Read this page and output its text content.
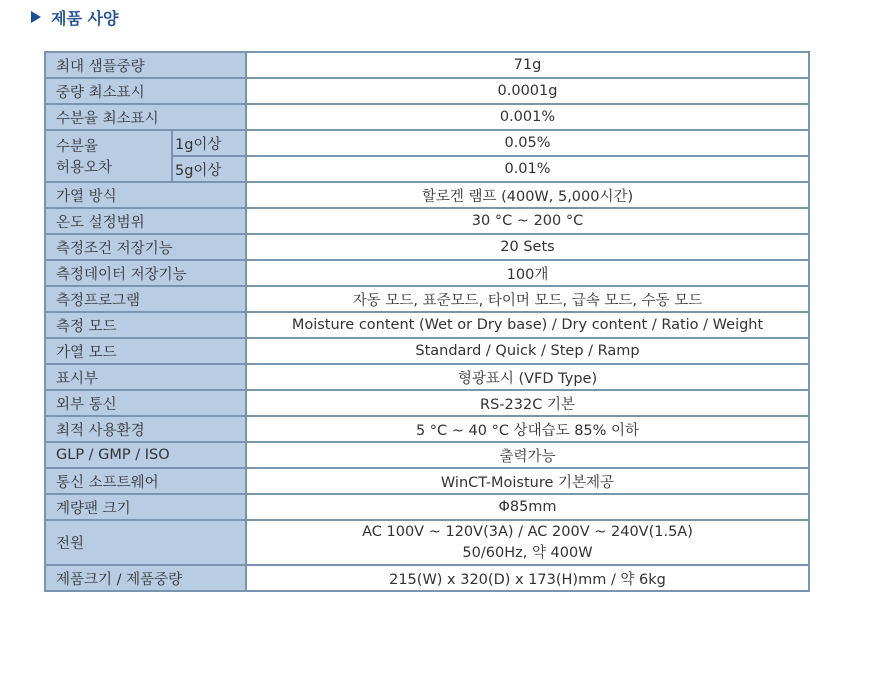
제품 사양
최대 샘플중량		71g
중량 최소표시		0.0001g
수분율 최소표시		0.001%

수분율
허용오차	1g이상	0.05%
	5g이상	0.01%
가열 방식		할로겐 램프 (400W, 5,000시간)
온도 설정범위		30 °C ~ 200 °C
측정조건 저장기능		20 Sets
측정데이터 저장기능		100개
측정프로그램		자동 모드, 표준모드, 타이머 모드, 급속 모드, 수동 모드
측정 모드		Moisture content (Wet or Dry base) / Dry content / Ratio / Weight
가열 모드		Standard / Quick / Step / Ramp
표시부		형광표시 (VFD Type)
외부 통신		RS-232C 기본
최적 사용환경		5 °C ~ 40 °C 상대습도 85% 이하
GLP / GMP / ISO		출력가능
통신 소프트웨어		WinCT-Moisture 기본제공
계량팬 크기		Φ85mm
전원		AC 100V ~ 120V(3A) / AC 200V ~ 240V(1.5A)
50/60Hz, 약 400W

제품크기 / 제품중량		215(W) x 320(D) x 173(H)mm / 약 6kg
